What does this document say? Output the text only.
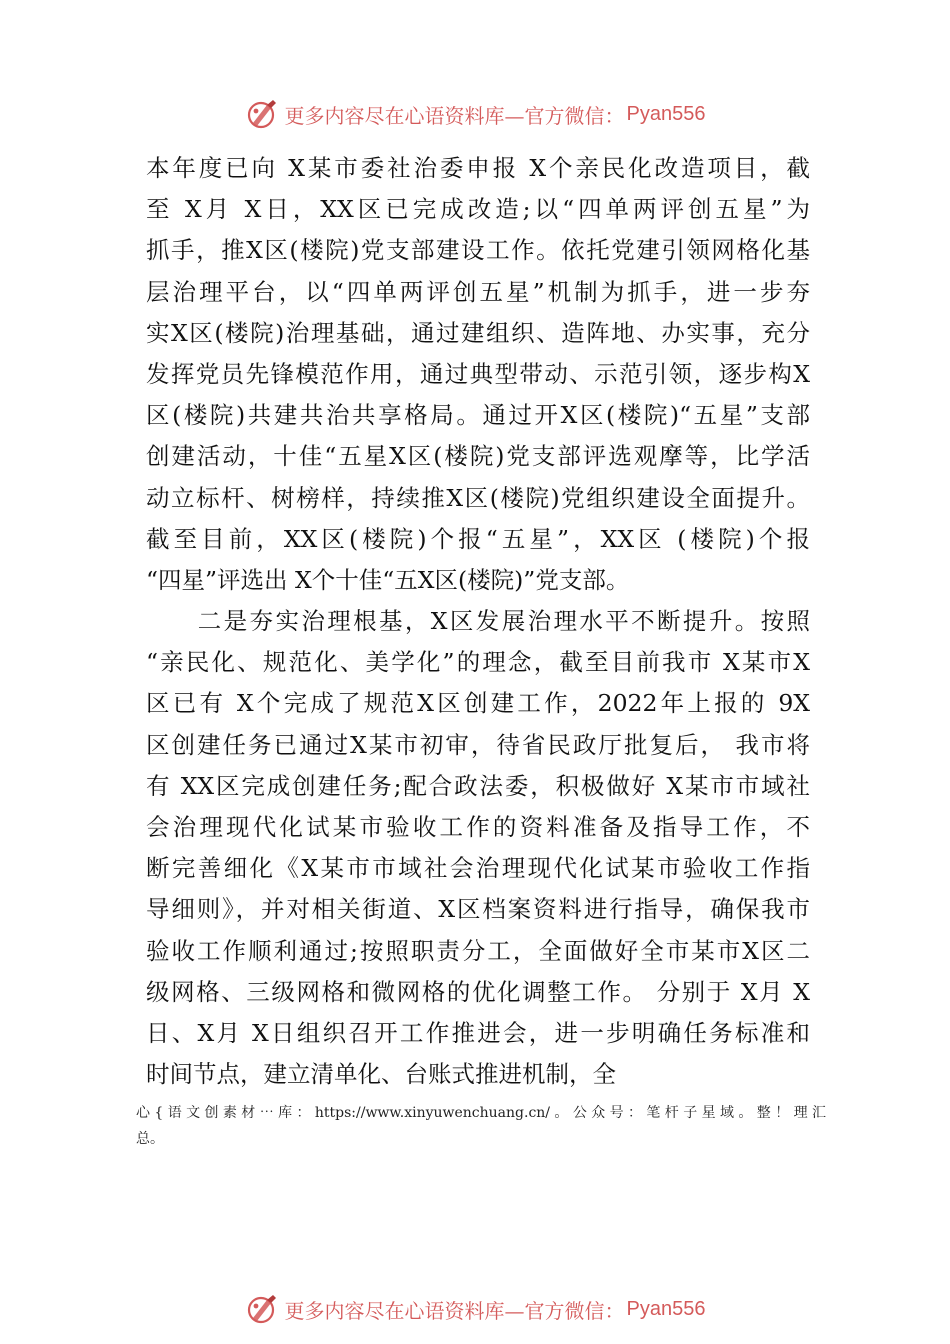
更多内容尽在心语资料库—官方微信： Pyan556
本年度已向 X某市委社治委申报 X个亲民化改造项目，截
至 X月 X日，XX区已完成改造;以“四单两评创五星”为
抓手，推X区(楼院)党支部建设工作。依托党建引领网格化基
层治理平台，以“四单两评创五星”机制为抓手，进一步夯
实X区(楼院)治理基础，通过建组织、造阵地、办实事，充分
发挥党员先锋模范作用，通过典型带动、示范引领，逐步构X
区(楼院)共建共治共享格局。通过开X区(楼院)“五星”支部
创建活动，十佳“五星X区(楼院)党支部评选观摩等，比学活
动立标杆、树榜样，持续推X区(楼院)党组织建设全面提升。
截至目前，XX区(楼院)个报“五星”，XX区 (楼院)个报
“四星”评选出 X个十佳“五X区(楼院)”党支部。
　　二是夯实治理根基，X区发展治理水平不断提升。按照
“亲民化、规范化、美学化”的理念，截至目前我市 X某市X
区已有 X个完成了规范X区创建工作，2022年上报的 9X
区创建任务已通过X某市初审，待省民政厅批复后， 我市将
有 XX区完成创建任务;配合政法委，积极做好 X某市市域社
会治理现代化试某市验收工作的资料准备及指导工作，不
断完善细化《X某市市域社会治理现代化试某市验收工作指
导细则》，并对相关街道、X区档案资料进行指导，确保我市
验收工作顺利通过;按照职责分工，全面做好全市某市X区二
级网格、三级网格和微网格的优化调整工作。 分别于 X月 X
日、X月 X日组织召开工作推进会，进一步明确任务标准和
时间节点，建立清单化、台账式推进机制，全
心{语文创素材⋯库：https://www.xinyuwenchuang.cn/。公众号：笔杆子星域。整！理汇
总。
更多内容尽在心语资料库—官方微信： Pyan556
